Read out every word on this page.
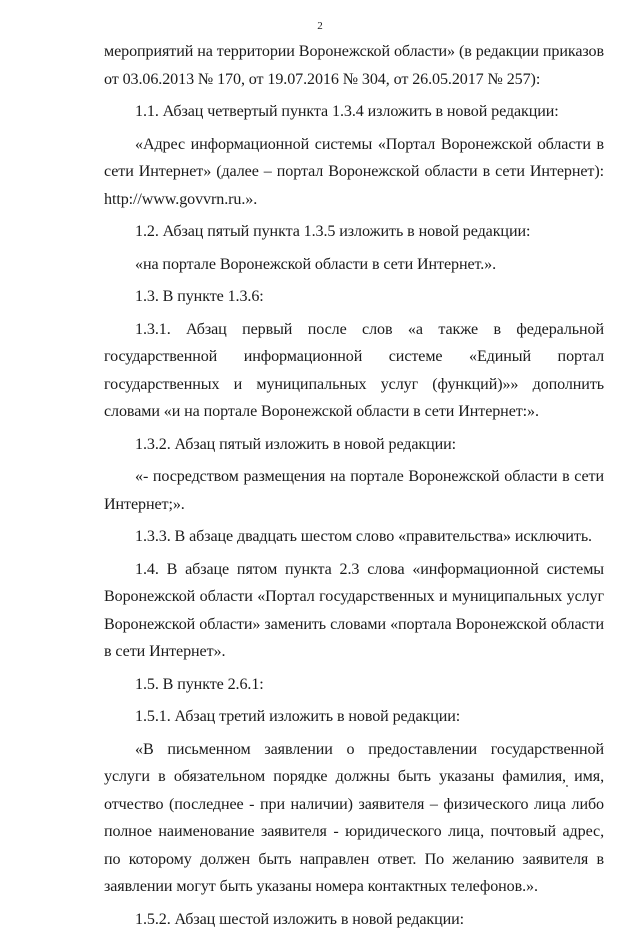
2

мероприятий на территории Воронежской области» (в редакции приказов от 03.06.2013 № 170, от 19.07.2016 № 304, от 26.05.2017 № 257):

1.1. Абзац четвертый пункта 1.3.4 изложить в новой редакции:

«Адрес информационной системы «Портал Воронежской области в сети Интернет» (далее – портал Воронежской области в сети Интернет): http://www.govvrn.ru.».

1.2. Абзац пятый пункта 1.3.5 изложить в новой редакции:

«на портале Воронежской области в сети Интернет.».

1.3. В пункте 1.3.6:

1.3.1. Абзац первый после слов «а также в федеральной государственной информационной системе «Единый портал государственных и муниципальных услуг (функций)»» дополнить словами «и на портале Воронежской области в сети Интернет:».

1.3.2. Абзац пятый изложить в новой редакции:

«- посредством размещения на портале Воронежской области в сети Интернет;».

1.3.3. В абзаце двадцать шестом слово «правительства» исключить.

1.4. В абзаце пятом пункта 2.3 слова «информационной системы Воронежской области «Портал государственных и муниципальных услуг Воронежской области» заменить словами «портала Воронежской области в сети Интернет».

1.5. В пункте 2.6.1:

1.5.1. Абзац третий изложить в новой редакции:

«В письменном заявлении о предоставлении государственной услуги в обязательном порядке должны быть указаны фамилия, имя, отчество (последнее - при наличии) заявителя – физического лица либо полное наименование заявителя - юридического лица, почтовый адрес, по которому должен быть направлен ответ. По желанию заявителя в заявлении могут быть указаны номера контактных телефонов.».

1.5.2. Абзац шестой изложить в новой редакции:
